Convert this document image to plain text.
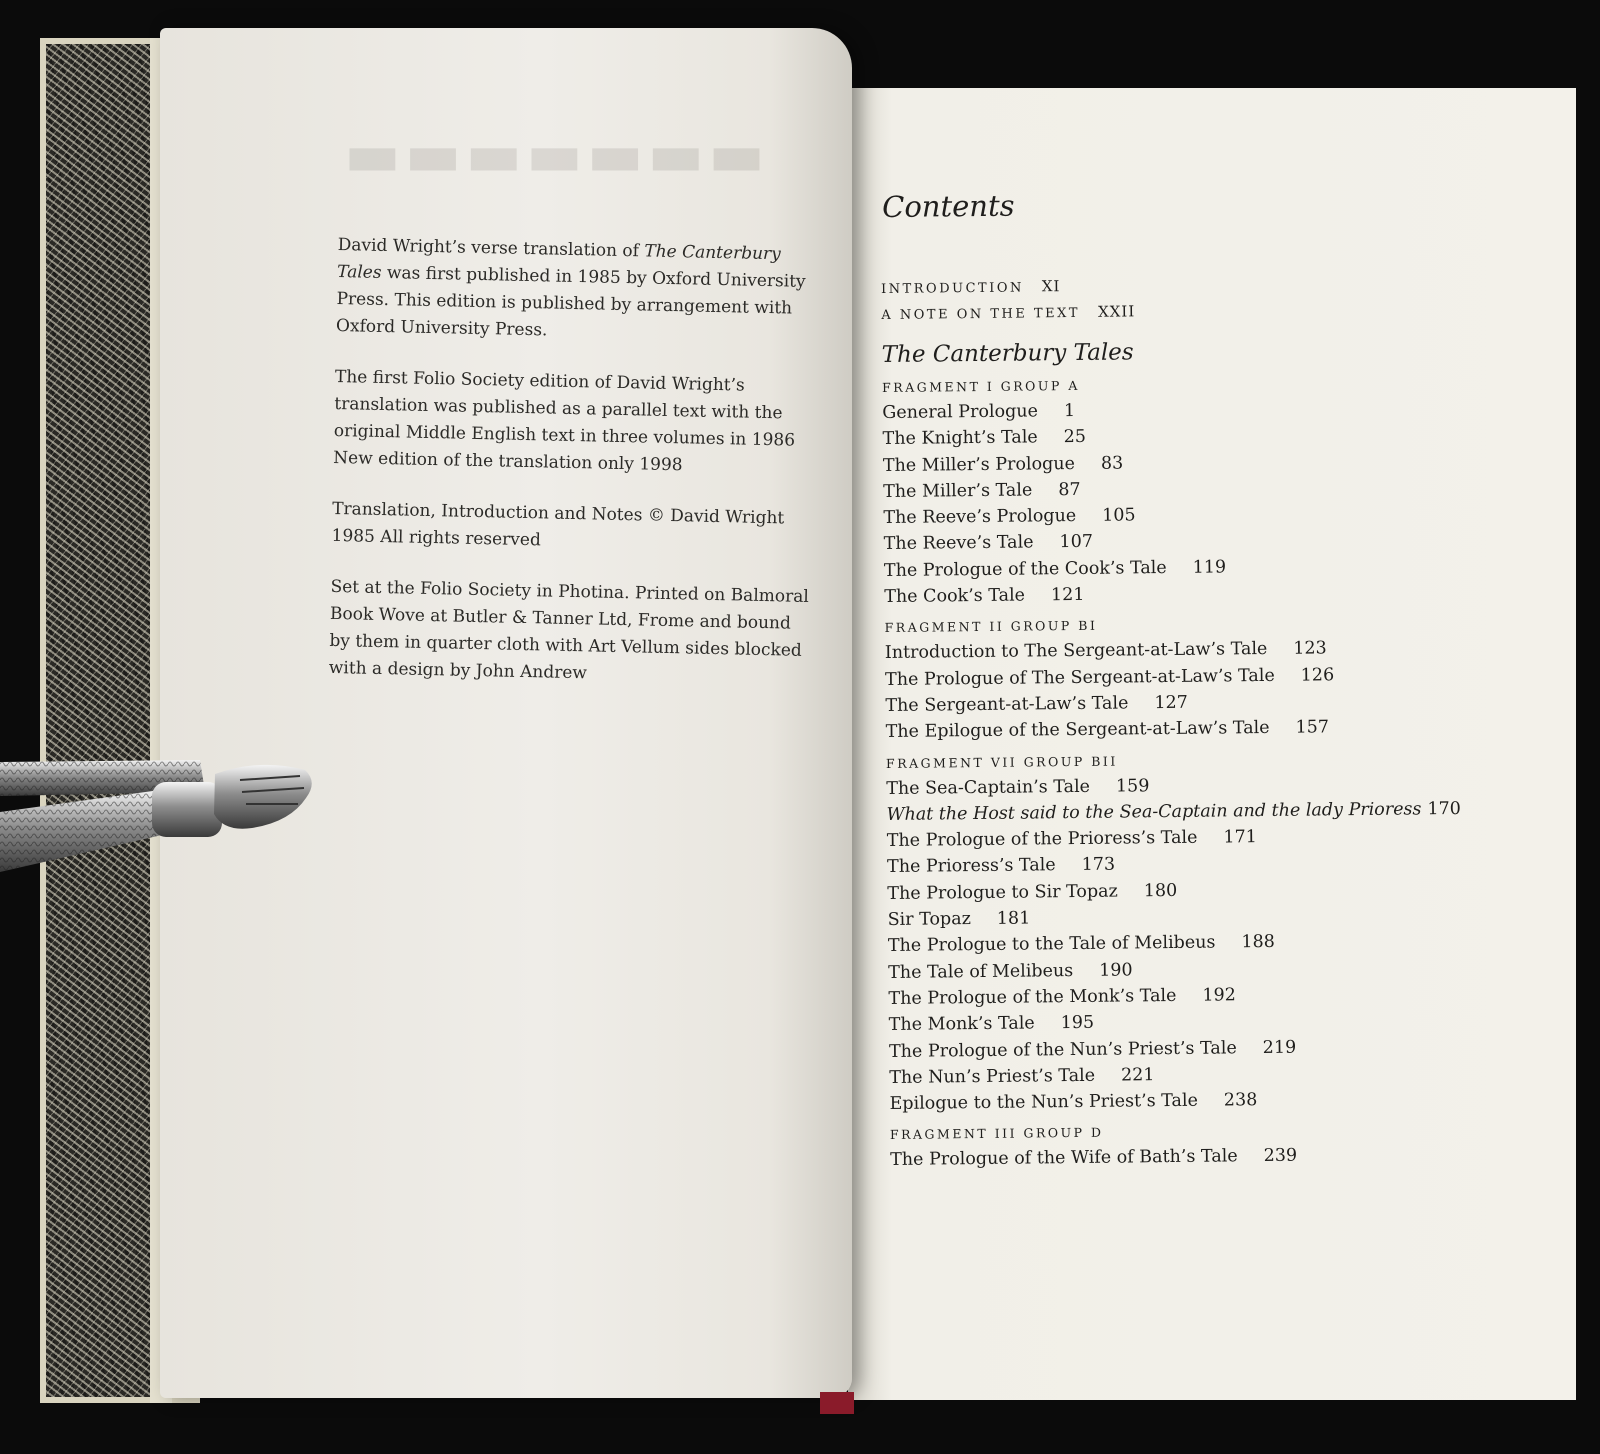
▬▬▬▬▬▬▬

David Wright’s verse translation of The Canterbury Tales was first published in 1985 by Oxford University Press. This edition is published by arrangement with Oxford University Press.

The first Folio Society edition of David Wright’s translation was published as a parallel text with the original Middle English text in three volumes in 1986 New edition of the translation only 1998

Translation, Introduction and Notes © David Wright 1985 All rights reserved

Set at the Folio Society in Photina. Printed on Balmoral Book Wove at Butler & Tanner Ltd, Frome and bound by them in quarter cloth with Art Vellum sides blocked with a design by John Andrew

Contents
INTRODUCTION XI
A NOTE ON THE TEXT XXII
The Canterbury Tales
FRAGMENT I GROUP A
General Prologue 1
The Knight’s Tale 25
The Miller’s Prologue 83
The Miller’s Tale 87
The Reeve’s Prologue 105
The Reeve’s Tale 107
The Prologue of the Cook’s Tale 119
The Cook’s Tale 121
FRAGMENT II GROUP BI
Introduction to The Sergeant-at-Law’s Tale 123
The Prologue of The Sergeant-at-Law’s Tale 126
The Sergeant-at-Law’s Tale 127
The Epilogue of the Sergeant-at-Law’s Tale 157
FRAGMENT VII GROUP BII
The Sea-Captain’s Tale 159
What the Host said to the Sea-Captain and the lady Prioress 170
The Prologue of the Prioress’s Tale 171
The Prioress’s Tale 173
The Prologue to Sir Topaz 180
Sir Topaz 181
The Prologue to the Tale of Melibeus 188
The Tale of Melibeus 190
The Prologue of the Monk’s Tale 192
The Monk’s Tale 195
The Prologue of the Nun’s Priest’s Tale 219
The Nun’s Priest’s Tale 221
Epilogue to the Nun’s Priest’s Tale 238
FRAGMENT III GROUP D
The Prologue of the Wife of Bath’s Tale 239
